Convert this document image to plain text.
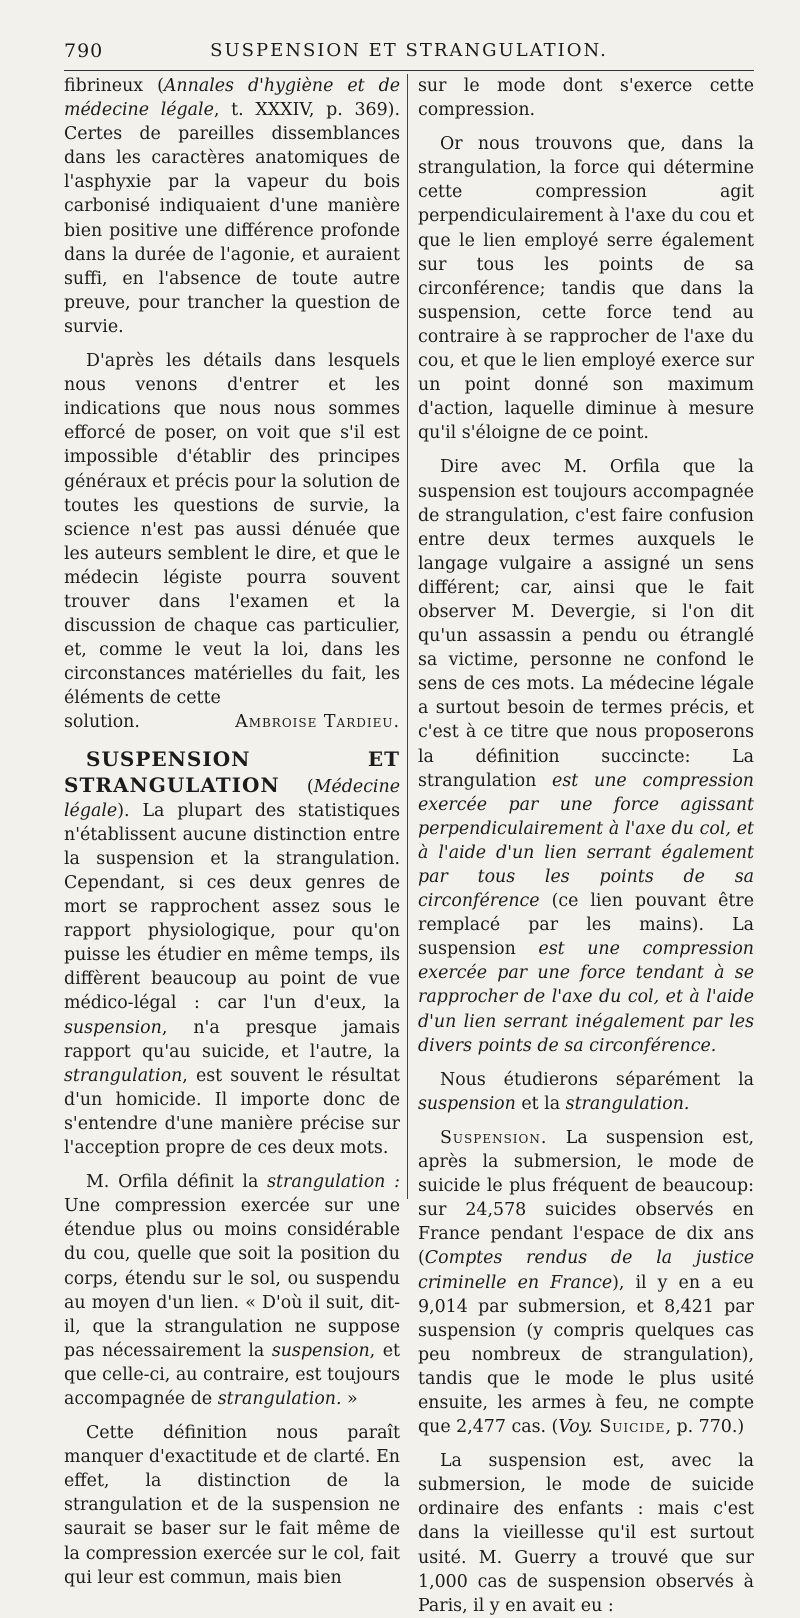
790	SUSPENSION ET STRANGULATION.

fibrineux (Annales d'hygiène et de médecine légale, t. XXXIV, p. 369). Certes de pareilles dissemblances dans les caractères anatomiques de l'asphyxie par la vapeur du bois carbonisé indiquaient d'une manière bien positive une différence profonde dans la durée de l'agonie, et auraient suffi, en l'absence de toute autre preuve, pour trancher la question de survie.

D'après les détails dans lesquels nous venons d'entrer et les indications que nous nous sommes efforcé de poser, on voit que s'il est impossible d'établir des principes généraux et précis pour la solution de toutes les questions de survie, la science n'est pas aussi dénuée que les auteurs semblent le dire, et que le médecin légiste pourra souvent trouver dans l'examen et la discussion de chaque cas particulier, et, comme le veut la loi, dans les circonstances matérielles du fait, les éléments de cette

solution.	Ambroise Tardieu.

SUSPENSION ET STRANGULATION (Médecine légale). La plupart des statistiques n'établissent aucune distinction entre la suspension et la strangulation. Cependant, si ces deux genres de mort se rapprochent assez sous le rapport physiologique, pour qu'on puisse les étudier en même temps, ils diffèrent beaucoup au point de vue médico-légal : car l'un d'eux, la suspension, n'a presque jamais rapport qu'au suicide, et l'autre, la strangulation, est souvent le résultat d'un homicide. Il importe donc de s'entendre d'une manière précise sur l'acception propre de ces deux mots.

M. Orfila définit la strangulation : Une compression exercée sur une étendue plus ou moins considérable du cou, quelle que soit la position du corps, étendu sur le sol, ou suspendu au moyen d'un lien. « D'où il suit, dit-il, que la strangulation ne suppose pas nécessairement la suspension, et que celle-ci, au contraire, est toujours accompagnée de strangulation. »

Cette définition nous paraît manquer d'exactitude et de clarté. En effet, la distinction de la strangulation et de la suspension ne saurait se baser sur le fait même de la compression exercée sur le col, fait qui leur est commun, mais bien

sur le mode dont s'exerce cette compression.

Or nous trouvons que, dans la strangulation, la force qui détermine cette compression agit perpendiculairement à l'axe du cou et que le lien employé serre également sur tous les points de sa circonférence; tandis que dans la suspension, cette force tend au contraire à se rapprocher de l'axe du cou, et que le lien employé exerce sur un point donné son maximum d'action, laquelle diminue à mesure qu'il s'éloigne de ce point.

Dire avec M. Orfila que la suspension est toujours accompagnée de strangulation, c'est faire confusion entre deux termes auxquels le langage vulgaire a assigné un sens différent; car, ainsi que le fait observer M. Devergie, si l'on dit qu'un assassin a pendu ou étranglé sa victime, personne ne confond le sens de ces mots. La médecine légale a surtout besoin de termes précis, et c'est à ce titre que nous proposerons la définition succincte: La strangulation est une compression exercée par une force agissant perpendiculairement à l'axe du col, et à l'aide d'un lien serrant également par tous les points de sa circonférence (ce lien pouvant être remplacé par les mains). La suspension est une compression exercée par une force tendant à se rapprocher de l'axe du col, et à l'aide d'un lien serrant inégalement par les divers points de sa circonférence.

Nous étudierons séparément la suspension et la strangulation.

Suspension. La suspension est, après la submersion, le mode de suicide le plus fréquent de beaucoup: sur 24,578 suicides observés en France pendant l'espace de dix ans (Comptes rendus de la justice criminelle en France), il y en a eu 9,014 par submersion, et 8,421 par suspension (y compris quelques cas peu nombreux de strangulation), tandis que le mode le plus usité ensuite, les armes à feu, ne compte que 2,477 cas. (Voy. Suicide, p. 770.)

La suspension est, avec la submersion, le mode de suicide ordinaire des enfants : mais c'est dans la vieillesse qu'il est surtout usité. M. Guerry a trouvé que sur 1,000 cas de suspension observés à Paris, il y en avait eu :
